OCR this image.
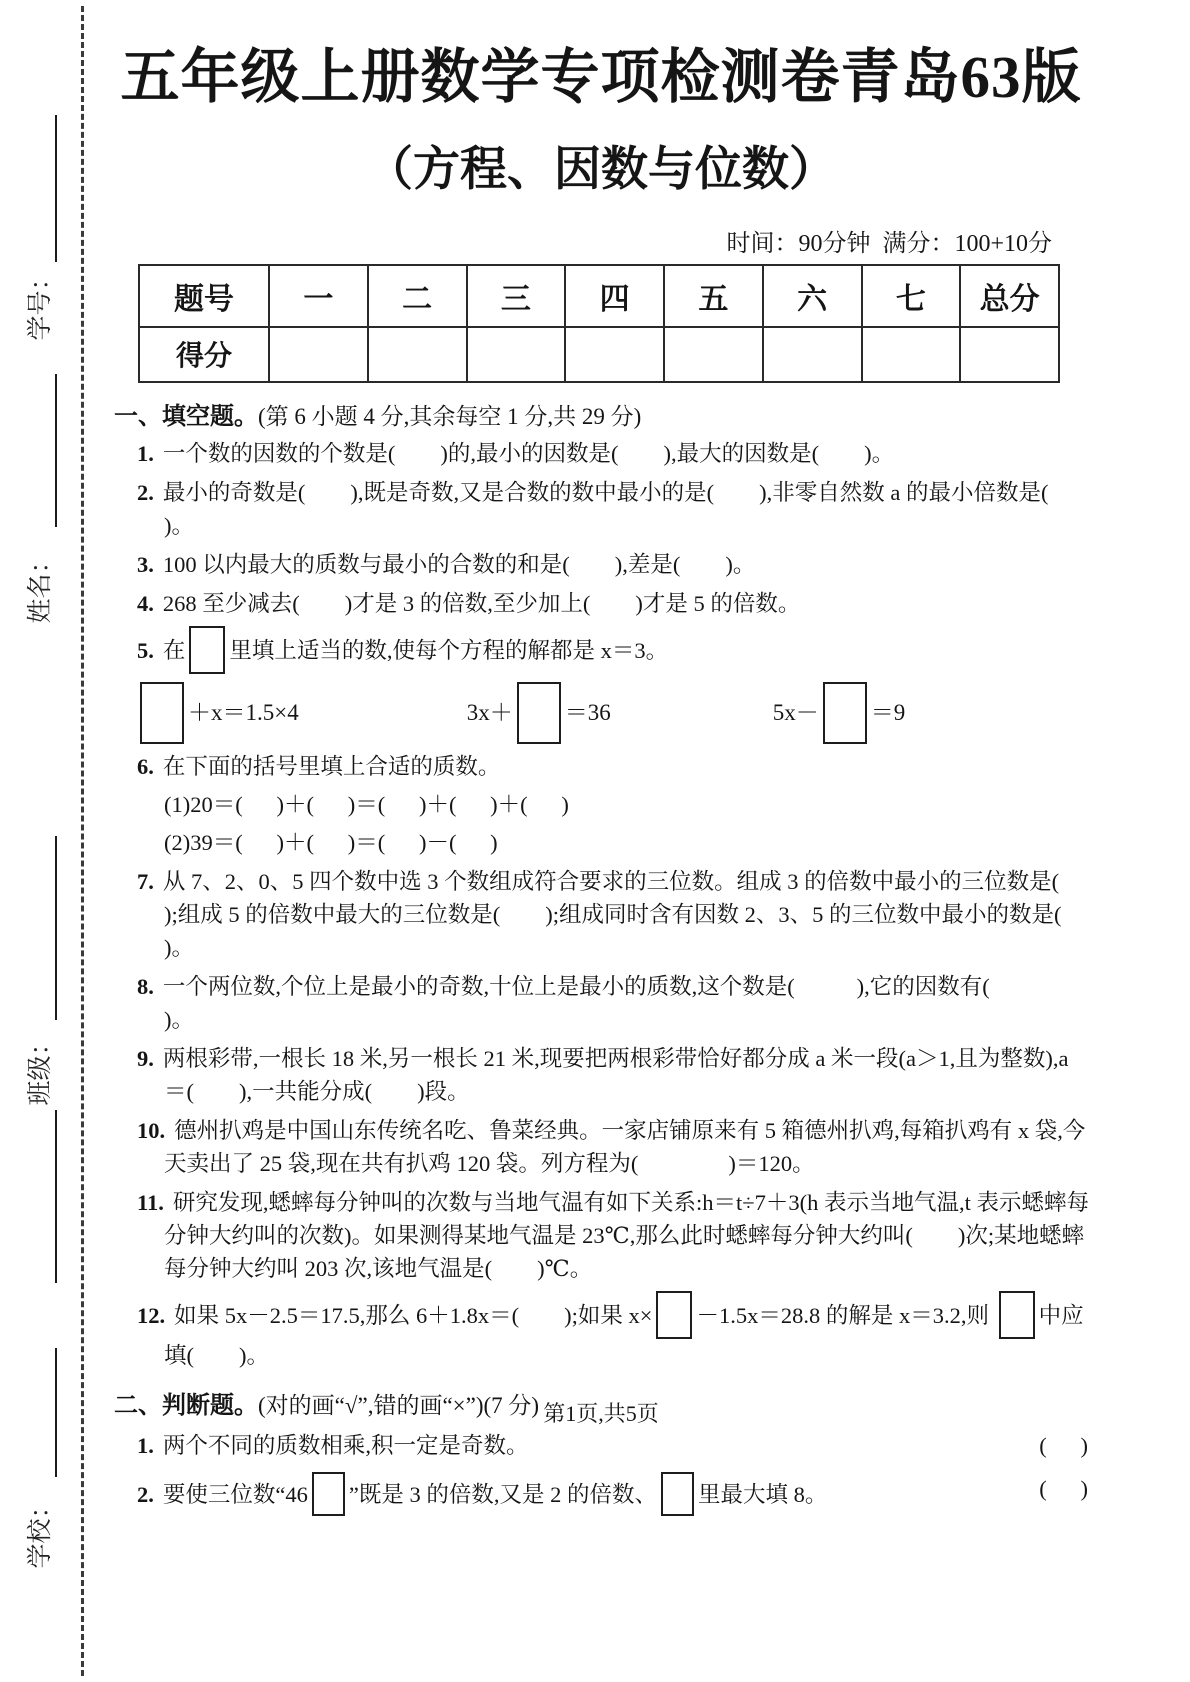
学号：
姓名：
班级：
学校：
五年级上册数学专项检测卷青岛63版
（方程、因数与位数）
时间：90分钟  满分：100+10分
题号	一	二	三	四	五	六	七	总分
得分								
一、填空题。(第 6 小题 4 分,其余每空 1 分,共 29 分)
1. 一个数的因数的个数是(        )的,最小的因数是(        ),最大的因数是(        )。
2. 最小的奇数是(        ),既是奇数,又是合数的数中最小的是(        ),非零自然数 a 的最小倍数是(        )。
3. 100 以内最大的质数与最小的合数的和是(        ),差是(        )。
4. 268 至少减去(        )才是 3 的倍数,至少加上(        )才是 5 的倍数。
5. 在 里填上适当的数,使每个方程的解都是 x＝3。
＋x＝1.5×4	3x＋ ＝36	5x－ ＝9
6. 在下面的括号里填上合适的质数。
(1)20＝(      )＋(      )＝(      )＋(      )＋(      )
(2)39＝(      )＋(      )＝(      )－(      )
7. 从 7、2、0、5 四个数中选 3 个数组成符合要求的三位数。组成 3 的倍数中最小的三位数是(        );组成 5 的倍数中最大的三位数是(        );组成同时含有因数 2、3、5 的三位数中最小的数是(        )。
8. 一个两位数,个位上是最小的奇数,十位上是最小的质数,这个数是(           ),它的因数有(               )。
9. 两根彩带,一根长 18 米,另一根长 21 米,现要把两根彩带恰好都分成 a 米一段(a＞1,且为整数),a＝(        ),一共能分成(        )段。
10. 德州扒鸡是中国山东传统名吃、鲁菜经典。一家店铺原来有 5 箱德州扒鸡,每箱扒鸡有 x 袋,今天卖出了 25 袋,现在共有扒鸡 120 袋。列方程为(                )＝120。
11. 研究发现,蟋蟀每分钟叫的次数与当地气温有如下关系:h＝t÷7＋3(h 表示当地气温,t 表示蟋蟀每分钟大约叫的次数)。如果测得某地气温是 23℃,那么此时蟋蟀每分钟大约叫(        )次;某地蟋蟀每分钟大约叫 203 次,该地气温是(        )℃。
12. 如果 5x－2.5＝17.5,那么 6＋1.8x＝(        );如果 x× －1.5x＝28.8 的解是 x＝3.2,则 中应填(        )。
二、判断题。(对的画“√”,错的画“×”)(7 分)
1. 两个不同的质数相乘,积一定是奇数。	(      )
2. 要使三位数“46 ”既是 3 的倍数,又是 2 的倍数、 里最大填 8。	(      )
第1页,共5页
